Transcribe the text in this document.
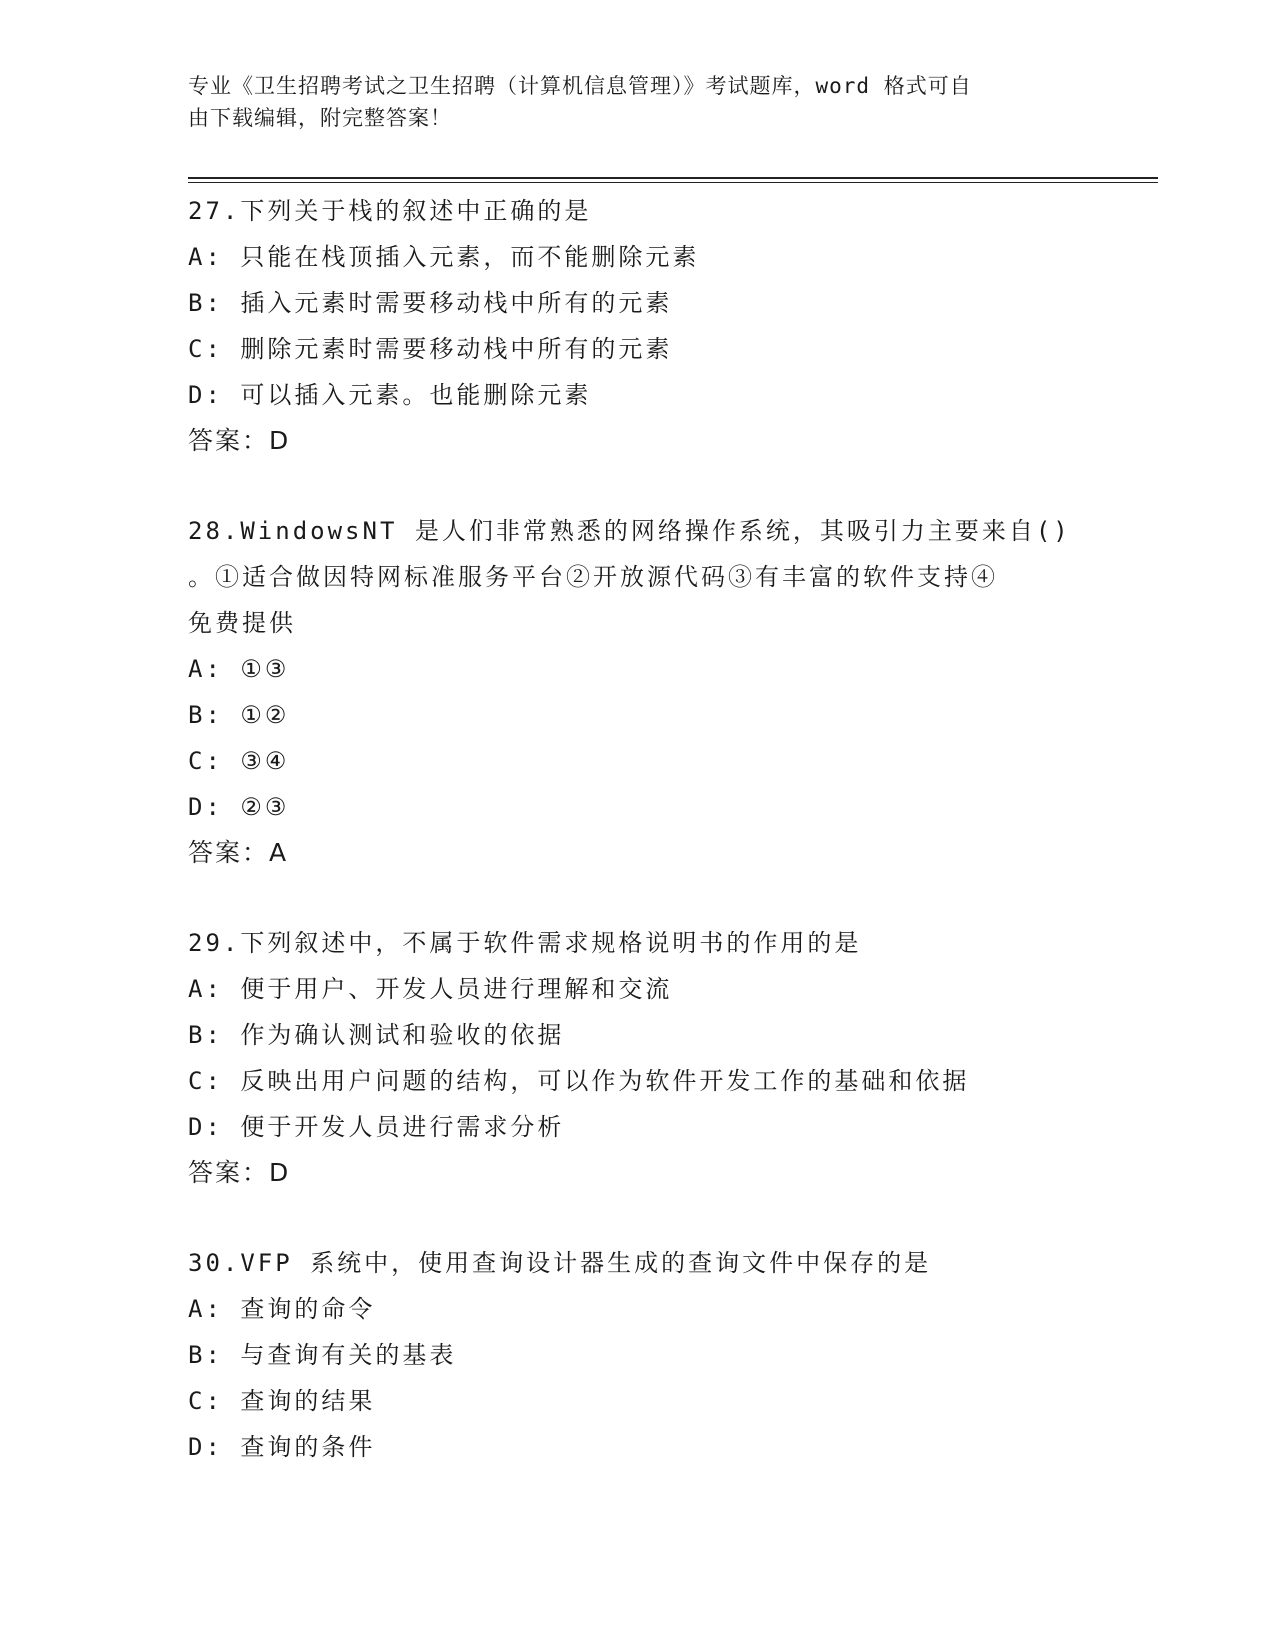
专业《卫生招聘考试之卫生招聘（计算机信息管理）》考试题库，word 格式可自
由下载编辑，附完整答案！
27.下列关于栈的叙述中正确的是
A: 只能在栈顶插入元素，而不能删除元素
B: 插入元素时需要移动栈中所有的元素
C: 删除元素时需要移动栈中所有的元素
D: 可以插入元素。也能删除元素
答案：D
28.WindowsNT 是人们非常熟悉的网络操作系统，其吸引力主要来自()
。①适合做因特网标准服务平台②开放源代码③有丰富的软件支持④
免费提供
A: ①③
B: ①②
C: ③④
D: ②③
答案：A
29.下列叙述中，不属于软件需求规格说明书的作用的是
A: 便于用户、开发人员进行理解和交流
B: 作为确认测试和验收的依据
C: 反映出用户问题的结构，可以作为软件开发工作的基础和依据
D: 便于开发人员进行需求分析
答案：D
30.VFP 系统中，使用查询设计器生成的查询文件中保存的是
A: 查询的命令
B: 与查询有关的基表
C: 查询的结果
D: 查询的条件
